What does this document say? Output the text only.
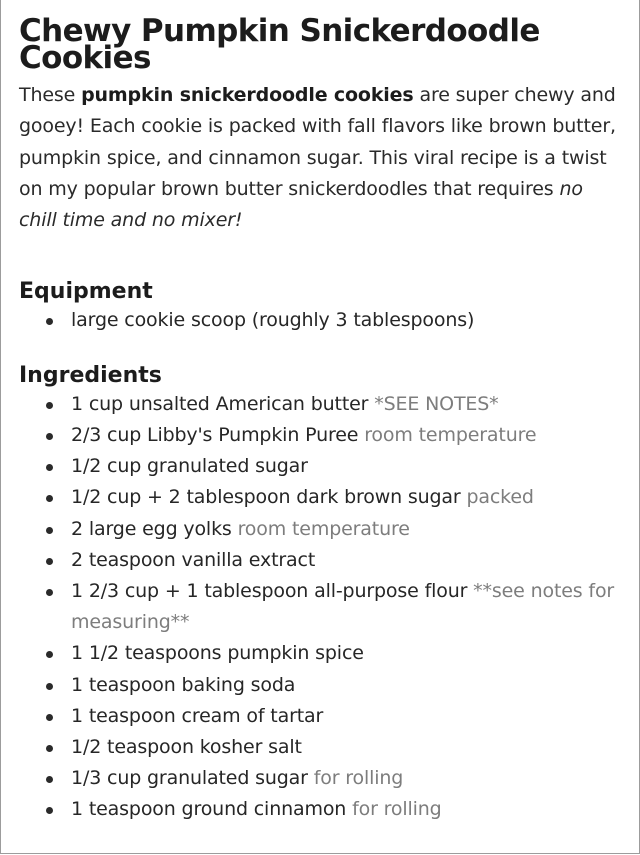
Chewy Pumpkin Snickerdoodle Cookies

These pumpkin snickerdoodle cookies are super chewy and gooey! Each cookie is packed with fall flavors like brown butter, pumpkin spice, and cinnamon sugar. This viral recipe is a twist on my popular brown butter snickerdoodles that requires no chill time and no mixer!

Equipment
large cookie scoop (roughly 3 tablespoons)
Ingredients
1 cup unsalted American butter *SEE NOTES*
2/3 cup Libby's Pumpkin Puree room temperature
1/2 cup granulated sugar
1/2 cup + 2 tablespoon dark brown sugar packed
2 large egg yolks room temperature
2 teaspoon vanilla extract
1 2/3 cup + 1 tablespoon all-purpose flour **see notes for measuring**
1 1/2 teaspoons pumpkin spice
1 teaspoon baking soda
1 teaspoon cream of tartar
1/2 teaspoon kosher salt
1/3 cup granulated sugar for rolling
1 teaspoon ground cinnamon for rolling
